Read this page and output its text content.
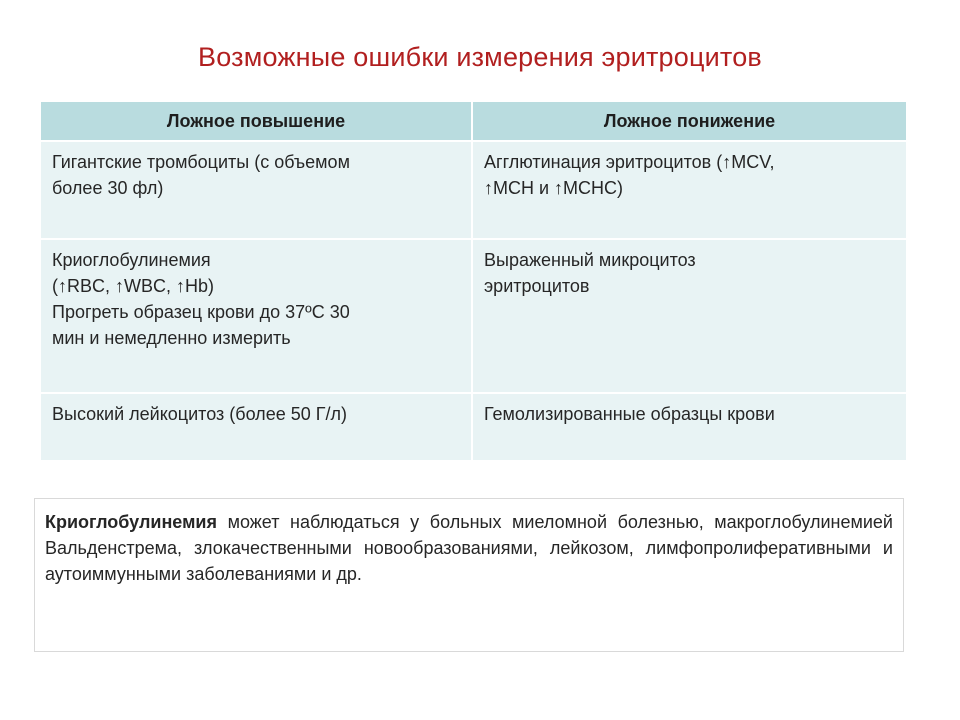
Возможные ошибки измерения эритроцитов
Ложное повышение	Ложное понижение
Гигантские тромбоциты (с объемом
более 30 фл)	Агглютинация эритроцитов (↑MCV,
↑MCH и ↑MCHC)
Криоглобулинемия
(↑RBC, ↑WBC, ↑Hb)
Прогреть образец крови до 37ºC 30
мин и немедленно измерить	Выраженный микроцитоз
эритроцитов
Высокий лейкоцитоз (более 50 Г/л)	Гемолизированные образцы крови
Криоглобулинемия может наблюдаться у больных миеломной болезнью, макроглобулинемией Вальденстрема, злокачественными новообразованиями, лейкозом, лимфопролиферативными и аутоиммунными заболеваниями и др.
